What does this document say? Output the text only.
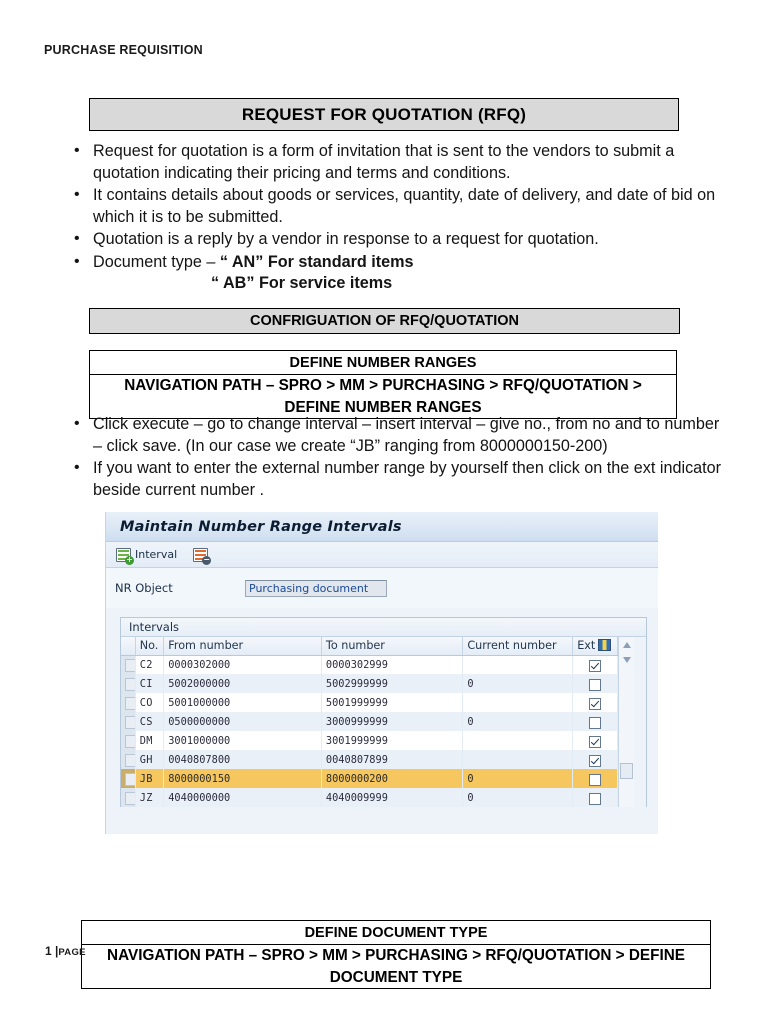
PURCHASE REQUISITION
REQUEST FOR QUOTATION (RFQ)
• Request for quotation is a form of invitation that is sent to the vendors to submit a quotation indicating their pricing and terms and conditions.
• It contains details about goods or services, quantity, date of delivery, and date of bid on which it is to be submitted.
• Quotation is a reply by a vendor in response to a request for quotation.
• Document type – “ AN” For standard items
“ AB” For service items
CONFRIGUATION OF RFQ/QUOTATION
DEFINE NUMBER RANGES
NAVIGATION PATH – SPRO > MM > PURCHASING > RFQ/QUOTATION >
DEFINE NUMBER RANGES
• Click execute – go to change interval – insert interval – give no., from no and to number – click save. (In our case we create “JB” ranging from 8000000150-200)
• If you want to enter the external number range by yourself then click on the ext indicator beside current number .
Maintain Number Range Intervals
+ Interval	−
NR Object	Purchasing document
Intervals
	No.	From number	To number	Current number	Ext

	C2	0000302000	0000302999		

	CI	5002000000	5002999999	0	

	CO	5001000000	5001999999		

	CS	0500000000	3000999999	0	

	DM	3001000000	3001999999		

	GH	0040807800	0040807899		

	JB	8000000150	8000000200	0	

	JZ	4040000000	4040009999	0	
DEFINE DOCUMENT TYPE
NAVIGATION PATH – SPRO > MM > PURCHASING > RFQ/QUOTATION > DEFINE
DOCUMENT TYPE
1 |PAGE
